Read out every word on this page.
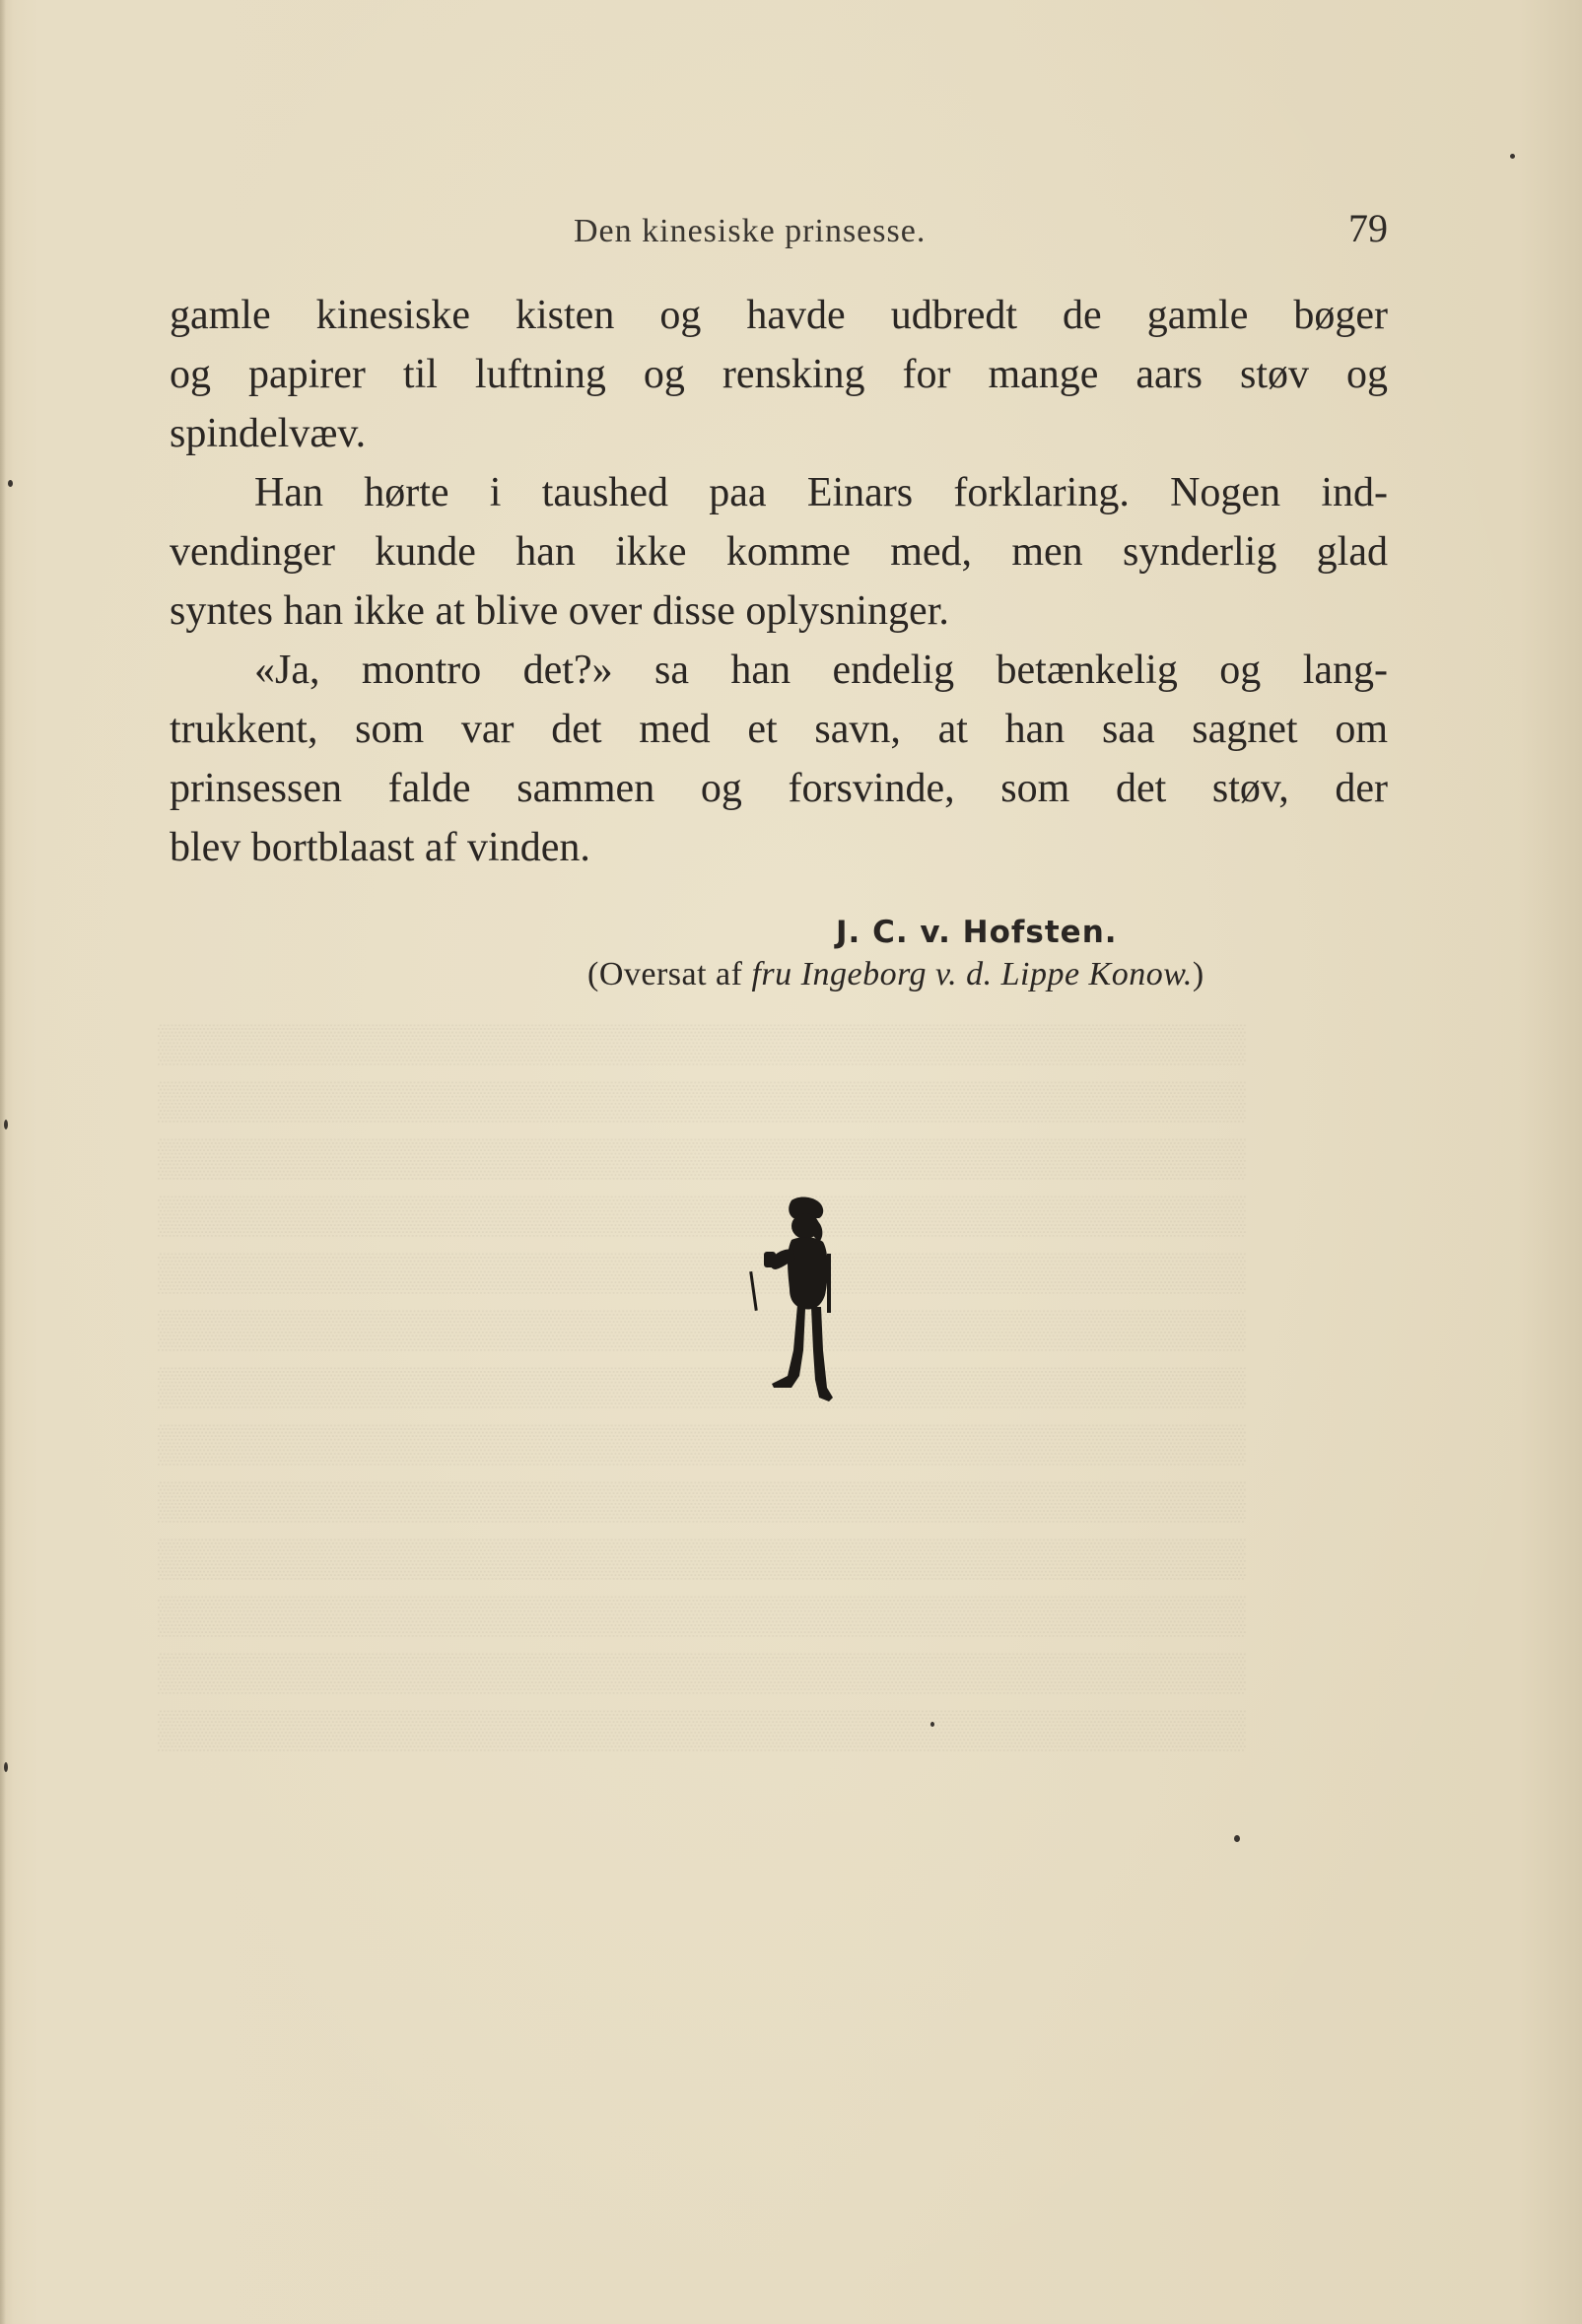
Den kinesiske prinsesse.	79
gamle kinesiske kisten og havde udbredt de gamle bøger
og papirer til luftning og rensking for mange aars støv og
spindelvæv.
Han hørte i taushed paa Einars forklaring. Nogen ind-
vendinger kunde han ikke komme med, men synderlig glad
syntes han ikke at blive over disse oplysninger.
«Ja, montro det?» sa han endelig betænkelig og lang-
trukkent, som var det med et savn, at han saa sagnet om
prinsessen falde sammen og forsvinde, som det støv, der
blev bortblaast af vinden.
J. C. v. Hofsten.
(Oversat af fru Ingeborg v. d. Lippe Konow.)
